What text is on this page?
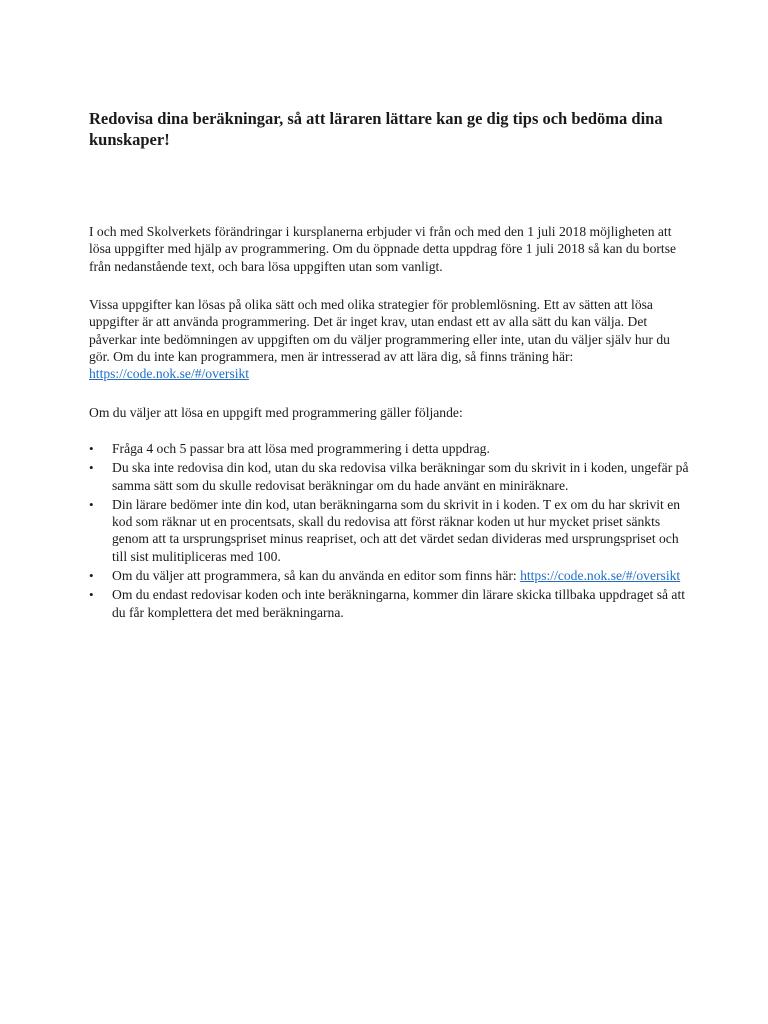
Redovisa dina beräkningar, så att läraren lättare kan ge dig tips och bedöma dina kunskaper!

I och med Skolverkets förändringar i kursplanerna erbjuder vi från och med den 1 juli 2018 möjligheten att lösa uppgifter med hjälp av programmering. Om du öppnade detta uppdrag före 1 juli 2018 så kan du bortse från nedanstående text, och bara lösa uppgiften utan som vanligt.

Vissa uppgifter kan lösas på olika sätt och med olika strategier för problemlösning. Ett av sätten att lösa uppgifter är att använda programmering. Det är inget krav, utan endast ett av alla sätt du kan välja. Det påverkar inte bedömningen av uppgiften om du väljer programmering eller inte, utan du väljer själv hur du gör. Om du inte kan programmera, men är intresserad av att lära dig, så finns träning här: https://code.nok.se/#/oversikt

Om du väljer att lösa en uppgift med programmering gäller följande:

•	Fråga 4 och 5 passar bra att lösa med programmering i detta uppdrag.
•	Du ska inte redovisa din kod, utan du ska redovisa vilka beräkningar som du skrivit in i koden, ungefär på samma sätt som du skulle redovisat beräkningar om du hade använt en miniräknare.
•	Din lärare bedömer inte din kod, utan beräkningarna som du skrivit in i koden. T ex om du har skrivit en kod som räknar ut en procentsats, skall du redovisa att först räknar koden ut hur mycket priset sänkts genom att ta ursprungspriset minus reapriset, och att det värdet sedan divideras med ursprungspriset och till sist mulitipliceras med 100.
•	Om du väljer att programmera, så kan du använda en editor som finns här: https://code.nok.se/#/oversikt
•	Om du endast redovisar koden och inte beräkningarna, kommer din lärare skicka tillbaka uppdraget så att du får komplettera det med beräkningarna.
